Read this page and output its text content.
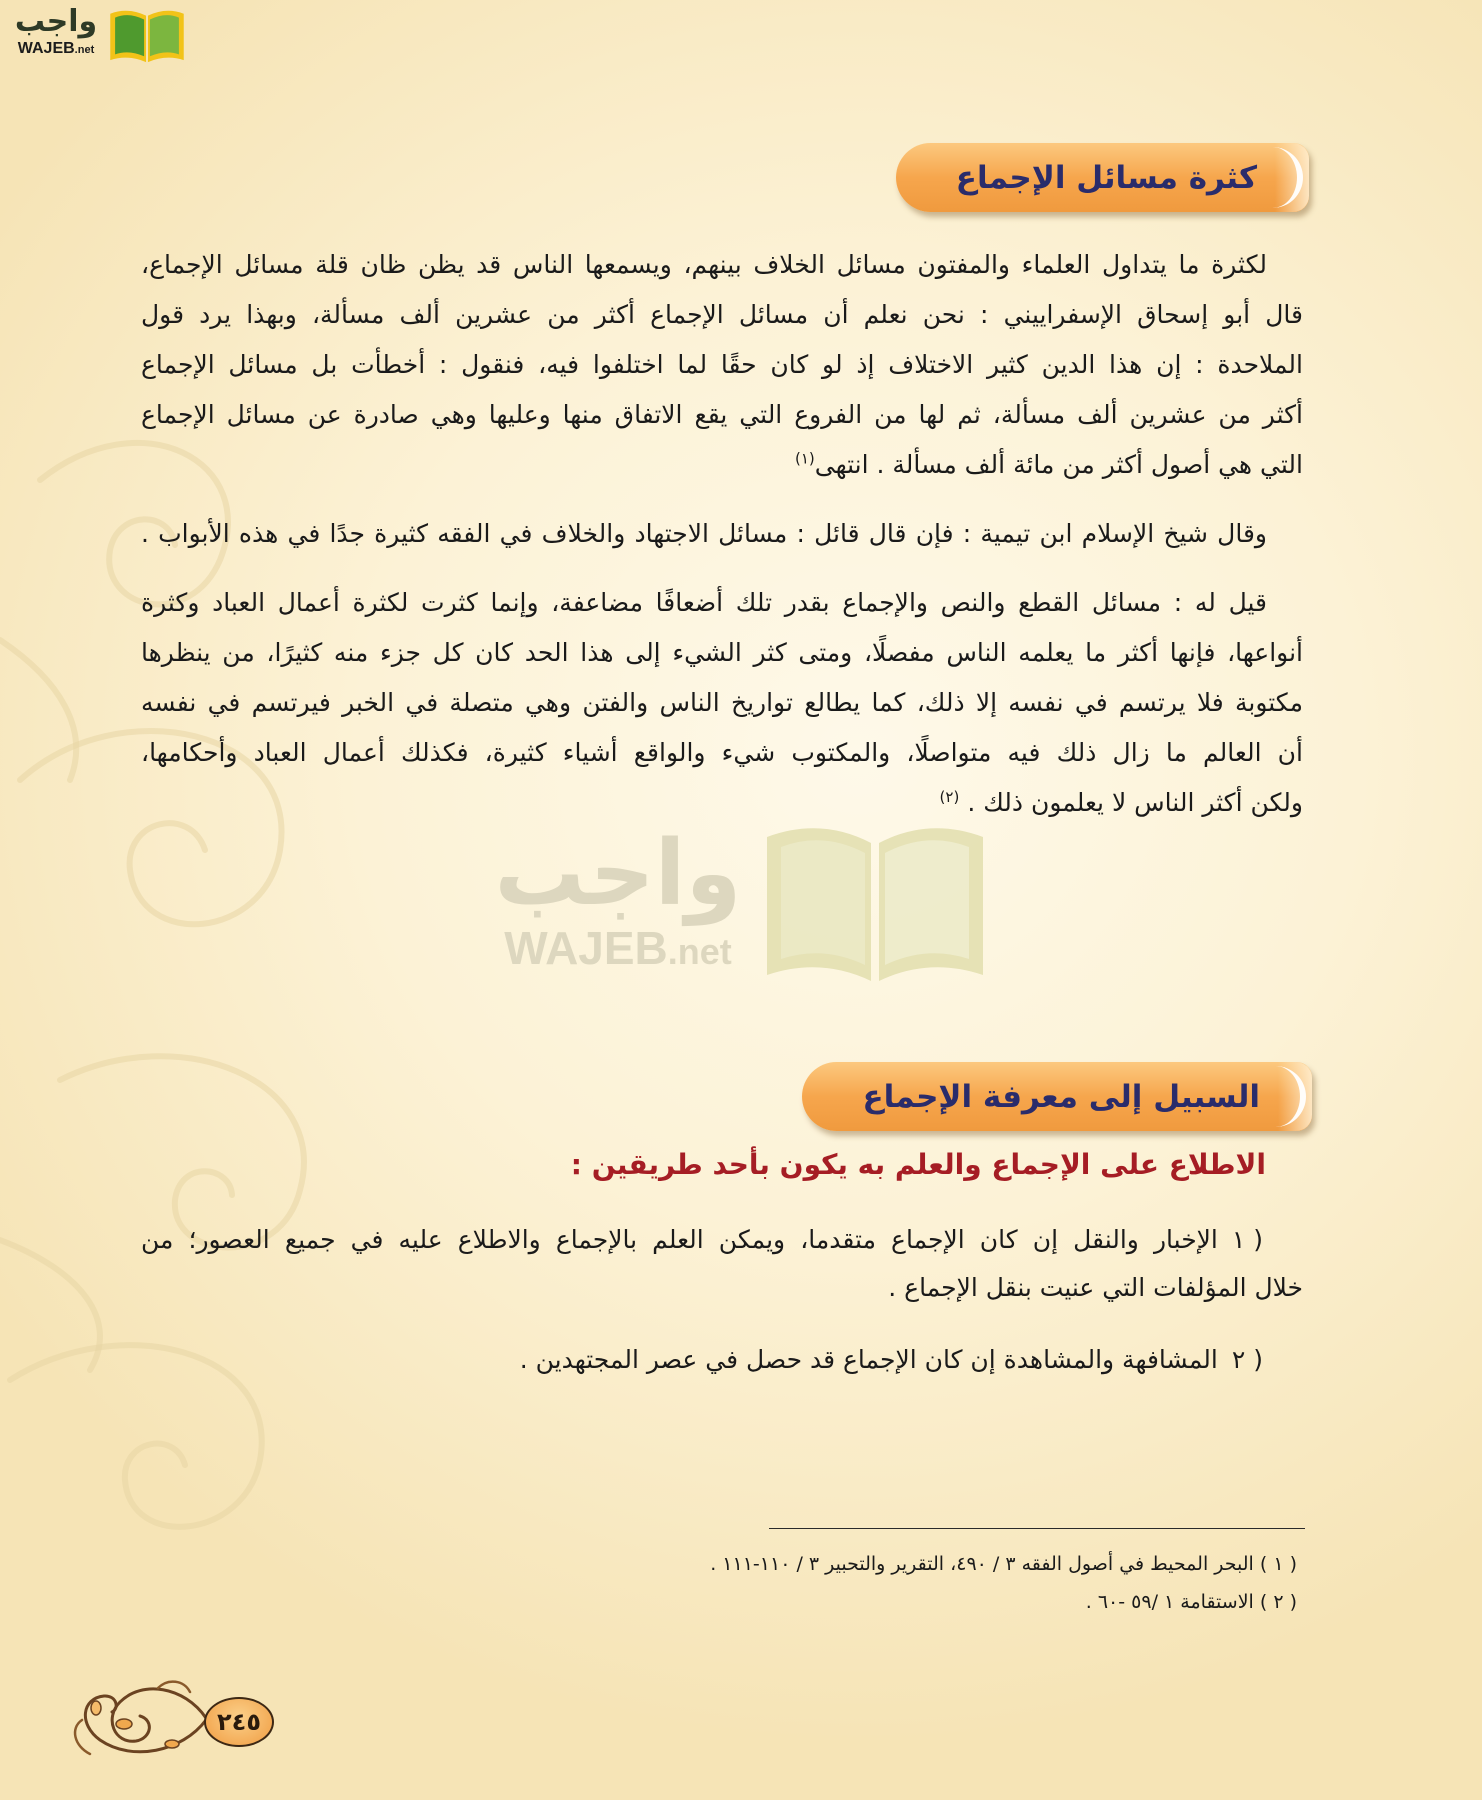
واجب
WAJEB.net
كثرة مسائل الإجماع
لكثرة ما يتداول العلماء والمفتون مسائل الخلاف بينهم، ويسمعها الناس قد يظن ظان قلة مسائل الإجماع،
قال أبو إسحاق الإسفراييني : نحن نعلم أن مسائل الإجماع أكثر من عشرين ألف مسألة، وبهذا يرد قول
الملاحدة : إن هذا الدين كثير الاختلاف إذ لو كان حقًا لما اختلفوا فيه، فنقول : أخطأت بل مسائل الإجماع
أكثر من عشرين ألف مسألة، ثم لها من الفروع التي يقع الاتفاق منها وعليها وهي صادرة عن مسائل الإجماع
التي هي أصول أكثر من مائة ألف مسألة . انتهى$^{(١)}$
وقال شيخ الإسلام ابن تيمية : فإن قال قائل : مسائل الاجتهاد والخلاف في الفقه كثيرة جدًا في هذه الأبواب .
قيل له : مسائل القطع والنص والإجماع بقدر تلك أضعافًا مضاعفة، وإنما كثرت لكثرة أعمال العباد وكثرة
أنواعها، فإنها أكثر ما يعلمه الناس مفصلًا، ومتى كثر الشيء إلى هذا الحد كان كل جزء منه كثيرًا، من ينظرها
مكتوبة فلا يرتسم في نفسه إلا ذلك، كما يطالع تواريخ الناس والفتن وهي متصلة في الخبر فيرتسم في نفسه
أن العالم ما زال ذلك فيه متواصلًا، والمكتوب شيء والواقع أشياء كثيرة، فكذلك أعمال العباد وأحكامها،
ولكن أكثر الناس لا يعلمون ذلك .$^{(٢)}$
واجب
WAJEB.net
السبيل إلى معرفة الإجماع
الاطلاع على الإجماع والعلم به يكون بأحد طريقين :
١ )الإخبار والنقل إن كان الإجماع متقدما، ويمكن العلم بالإجماع والاطلاع عليه في جميع العصور؛ من
خلال المؤلفات التي عنيت بنقل الإجماع .
٢ )المشافهة والمشاهدة إن كان الإجماع قد حصل في عصر المجتهدين .
( ١ ) البحر المحيط في أصول الفقه ٣ / ٤٩٠، التقرير والتحبير ٣ / ١١٠-١١١ .
( ٢ ) الاستقامة ١ /٥٩ -٦٠ .
٢٤٥
